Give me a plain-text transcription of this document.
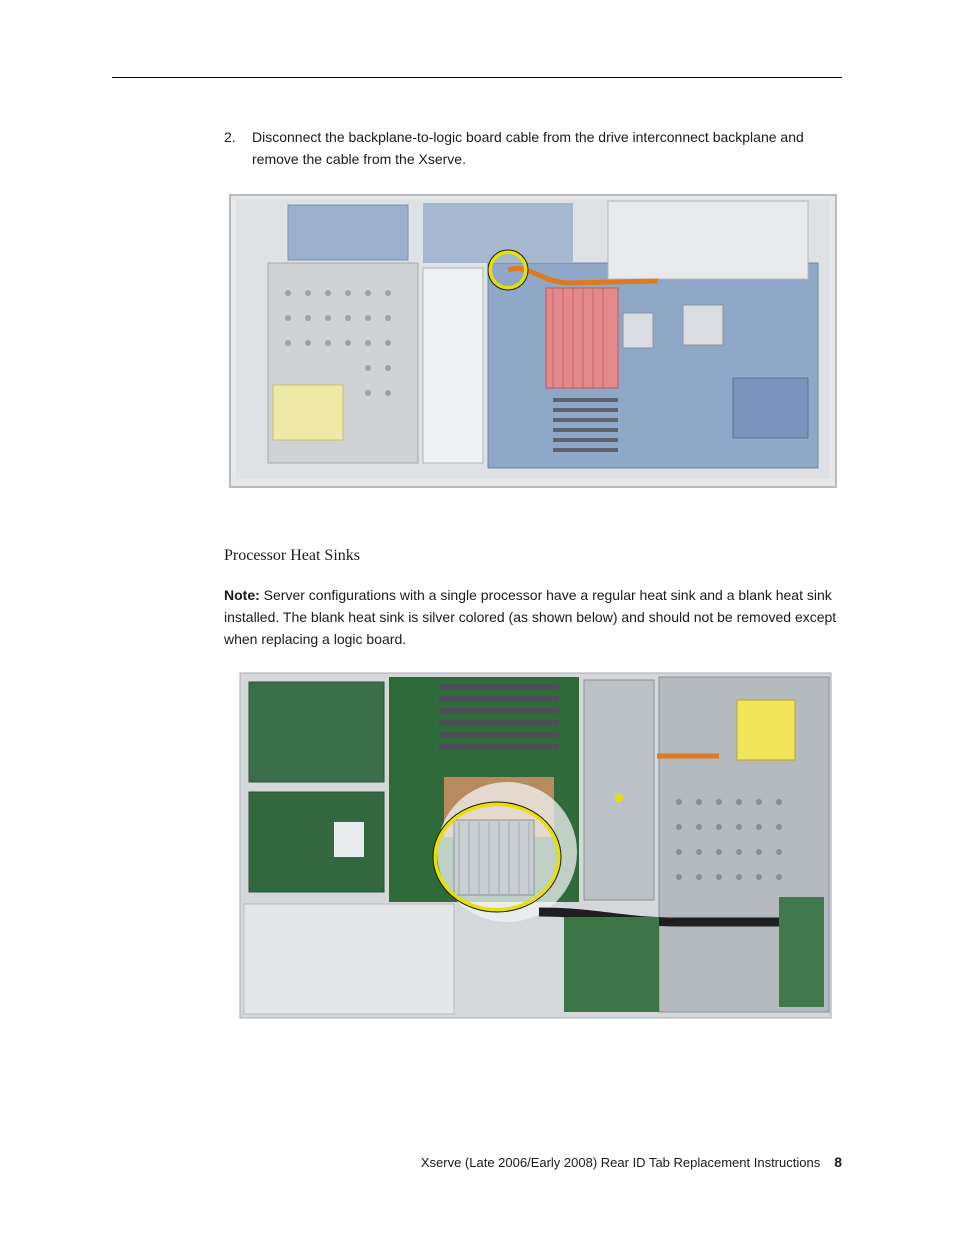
2. Disconnect the backplane-to-logic board cable from the drive interconnect backplane and remove the cable from the Xserve.
Processor Heat Sinks
Note: Server configurations with a single processor have a regular heat sink and a blank heat sink installed. The blank heat sink is silver colored (as shown below) and should not be removed except when replacing a logic board.
Xserve (Late 2006/Early 2008) Rear ID Tab Replacement Instructions 8
